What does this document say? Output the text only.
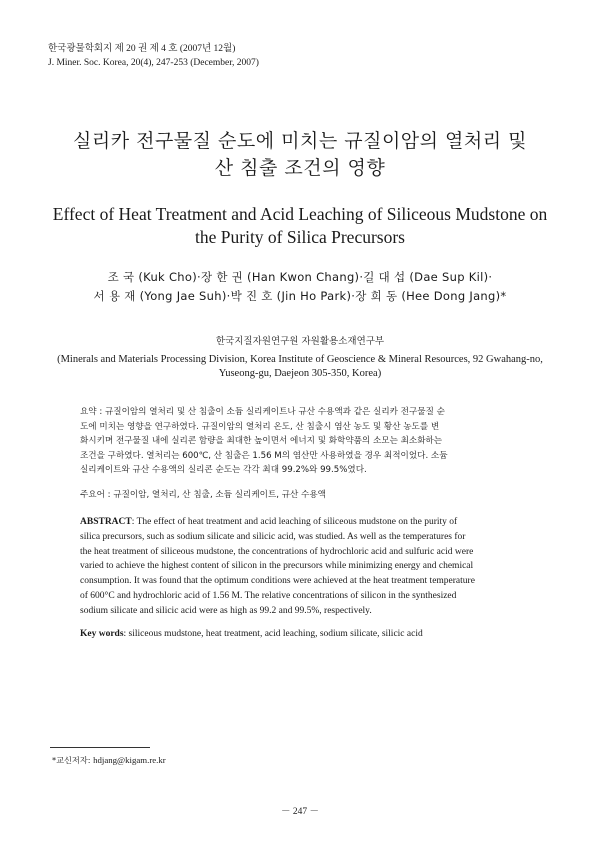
한국광물학회지 제 20 권 제 4 호 (2007년 12월)
J. Miner. Soc. Korea, 20(4), 247-253 (December, 2007)
실리카 전구물질 순도에 미치는 규질이암의 열처리 및
산 침출 조건의 영향
Effect of Heat Treatment and Acid Leaching of Siliceous Mudstone on
the Purity of Silica Precursors
조 국 (Kuk Cho)·장 한 권 (Han Kwon Chang)·길 대 섭 (Dae Sup Kil)·
서 용 재 (Yong Jae Suh)·박 진 호 (Jin Ho Park)·장 희 동 (Hee Dong Jang)*
한국지질자원연구원 자원활용소재연구부
(Minerals and Materials Processing Division, Korea Institute of Geoscience & Mineral Resources, 92 Gwahang-no,
Yuseong-gu, Daejeon 305-350, Korea)
요약 : 규질이암의 열처리 및 산 침출이 소듐 실리케이트나 규산 수용액과 같은 실리카 전구물질 순
도에 미치는 영향을 연구하였다. 규질이암의 열처리 온도, 산 침출시 염산 농도 및 황산 농도를 변
화시키며 전구물질 내에 실리콘 함량을 최대한 높이면서 에너지 및 화학약품의 소모는 최소화하는
조건을 구하였다. 열처리는 600℃, 산 침출은 1.56 M의 염산만 사용하였을 경우 최적이었다. 소듐
실리케이트와 규산 수용액의 실리콘 순도는 각각 최대 99.2%와 99.5%였다.
주요어 : 규질이암, 열처리, 산 침출, 소듐 실리케이트, 규산 수용액
ABSTRACT: The effect of heat treatment and acid leaching of siliceous mudstone on the purity of
silica precursors, such as sodium silicate and silicic acid, was studied. As well as the temperatures for
the heat treatment of siliceous mudstone, the concentrations of hydrochloric acid and sulfuric acid were
varied to achieve the highest content of silicon in the precursors while minimizing energy and chemical
consumption. It was found that the optimum conditions were achieved at the heat treatment temperature
of 600°C and hydrochloric acid of 1.56 M. The relative concentrations of silicon in the synthesized
sodium silicate and silicic acid were as high as 99.2 and 99.5%, respectively.
Key words: siliceous mudstone, heat treatment, acid leaching, sodium silicate, silicic acid
*교신저자: hdjang@kigam.re.kr
－ 247 －
